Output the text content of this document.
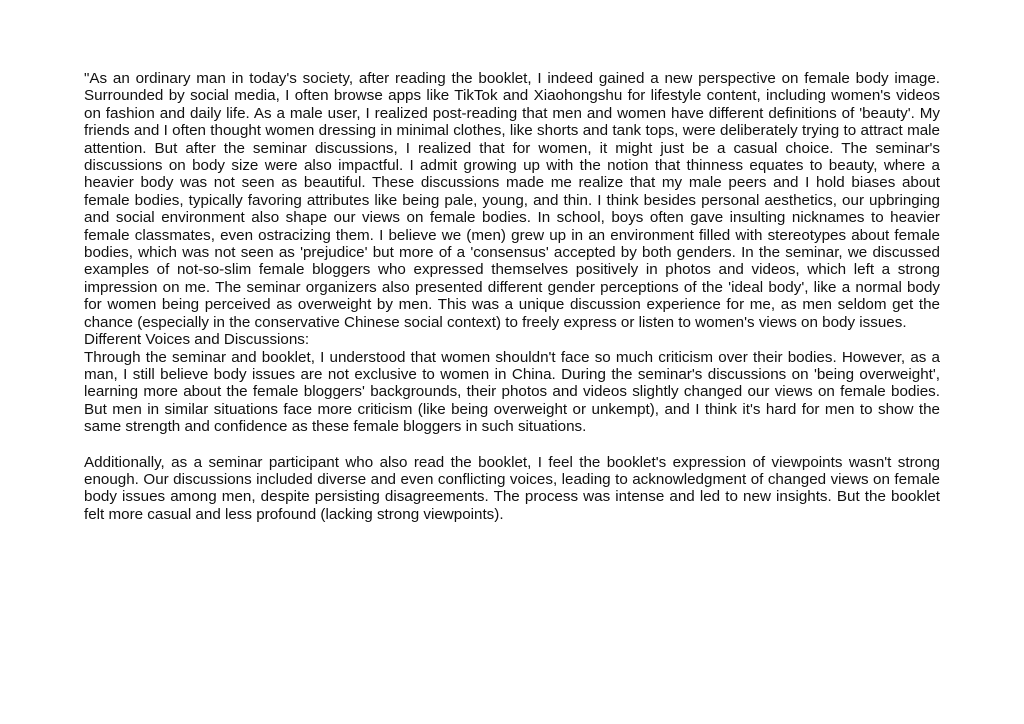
"As an ordinary man in today's society, after reading the booklet, I indeed gained a new perspective on female body image. Surrounded by social media, I often browse apps like TikTok and Xiaohongshu for lifestyle content, including women's videos on fashion and daily life. As a male user, I realized post-reading that men and women have different definitions of 'beauty'. My friends and I often thought women dressing in minimal clothes, like shorts and tank tops, were deliberately trying to attract male attention. But after the seminar discussions, I realized that for women, it might just be a casual choice. The seminar's discussions on body size were also impactful. I admit growing up with the notion that thinness equates to beauty, where a heavier body was not seen as beautiful. These discussions made me realize that my male peers and I hold biases about female bodies, typically favoring attributes like being pale, young, and thin. I think besides personal aesthetics, our upbringing and social environment also shape our views on female bodies. In school, boys often gave insulting nicknames to heavier female classmates, even ostracizing them. I believe we (men) grew up in an environment filled with stereotypes about female bodies, which was not seen as 'prejudice' but more of a 'consensus' accepted by both genders. In the seminar, we discussed examples of not-so-slim female bloggers who expressed themselves positively in photos and videos, which left a strong impression on me. The seminar organizers also presented different gender perceptions of the 'ideal body', like a normal body for women being perceived as overweight by men. This was a unique discussion experience for me, as men seldom get the chance (especially in the conservative Chinese social context) to freely express or listen to women's views on body issues.

Different Voices and Discussions:

Through the seminar and booklet, I understood that women shouldn't face so much criticism over their bodies. However, as a man, I still believe body issues are not exclusive to women in China. During the seminar's discussions on 'being overweight', learning more about the female bloggers' backgrounds, their photos and videos slightly changed our views on female bodies. But men in similar situations face more criticism (like being overweight or unkempt), and I think it's hard for men to show the same strength and confidence as these female bloggers in such situations.

Additionally, as a seminar participant who also read the booklet, I feel the booklet's expression of viewpoints wasn't strong enough. Our discussions included diverse and even conflicting voices, leading to acknowledgment of changed views on female body issues among men, despite persisting disagreements. The process was intense and led to new insights. But the booklet felt more casual and less profound (lacking strong viewpoints).
